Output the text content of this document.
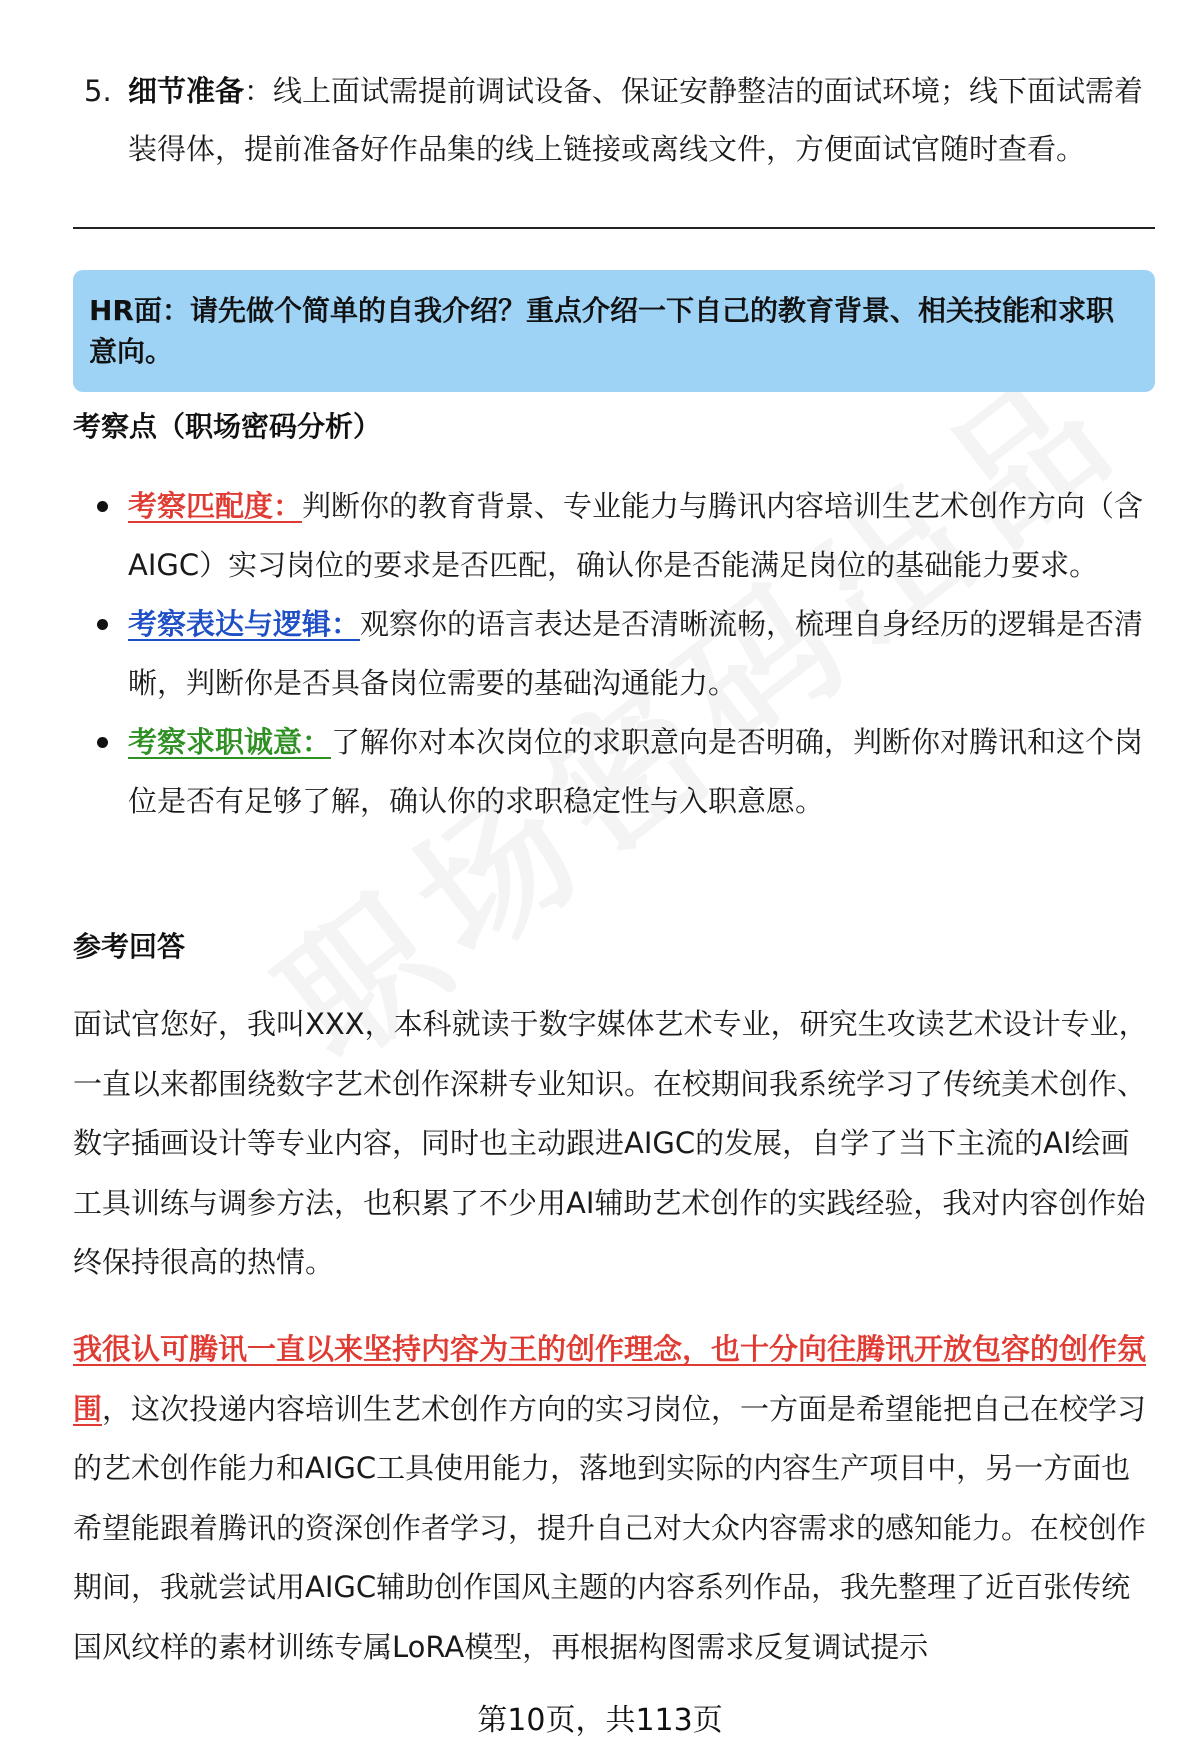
5. 细节准备：线上面试需提前调试设备、保证安静整洁的面试环境；线下面试需着装得体，提前准备好作品集的线上链接或离线文件，方便面试官随时查看。
HR面：请先做个简单的自我介绍？重点介绍一下自己的教育背景、相关技能和求职意向。
考察点（职场密码分析）
考察匹配度：判断你的教育背景、专业能力与腾讯内容培训生艺术创作方向（含AIGC）实习岗位的要求是否匹配，确认你是否能满足岗位的基础能力要求。
考察表达与逻辑：观察你的语言表达是否清晰流畅，梳理自身经历的逻辑是否清晰，判断你是否具备岗位需要的基础沟通能力。
考察求职诚意：了解你对本次岗位的求职意向是否明确，判断你对腾讯和这个岗位是否有足够了解，确认你的求职稳定性与入职意愿。
参考回答
面试官您好，我叫XXX，本科就读于数字媒体艺术专业，研究生攻读艺术设计专业，一直以来都围绕数字艺术创作深耕专业知识。在校期间我系统学习了传统美术创作、数字插画设计等专业内容，同时也主动跟进AIGC的发展，自学了当下主流的AI绘画工具训练与调参方法，也积累了不少用AI辅助艺术创作的实践经验，我对内容创作始终保持很高的热情。
我很认可腾讯一直以来坚持内容为王的创作理念，也十分向往腾讯开放包容的创作氛围，这次投递内容培训生艺术创作方向的实习岗位，一方面是希望能把自己在校学习的艺术创作能力和AIGC工具使用能力，落地到实际的内容生产项目中，另一方面也希望能跟着腾讯的资深创作者学习，提升自己对大众内容需求的感知能力。在校创作期间，我就尝试用AIGC辅助创作国风主题的内容系列作品，我先整理了近百张传统国风纹样的素材训练专属LoRA模型，再根据构图需求反复调试提示
第10页，共113页
